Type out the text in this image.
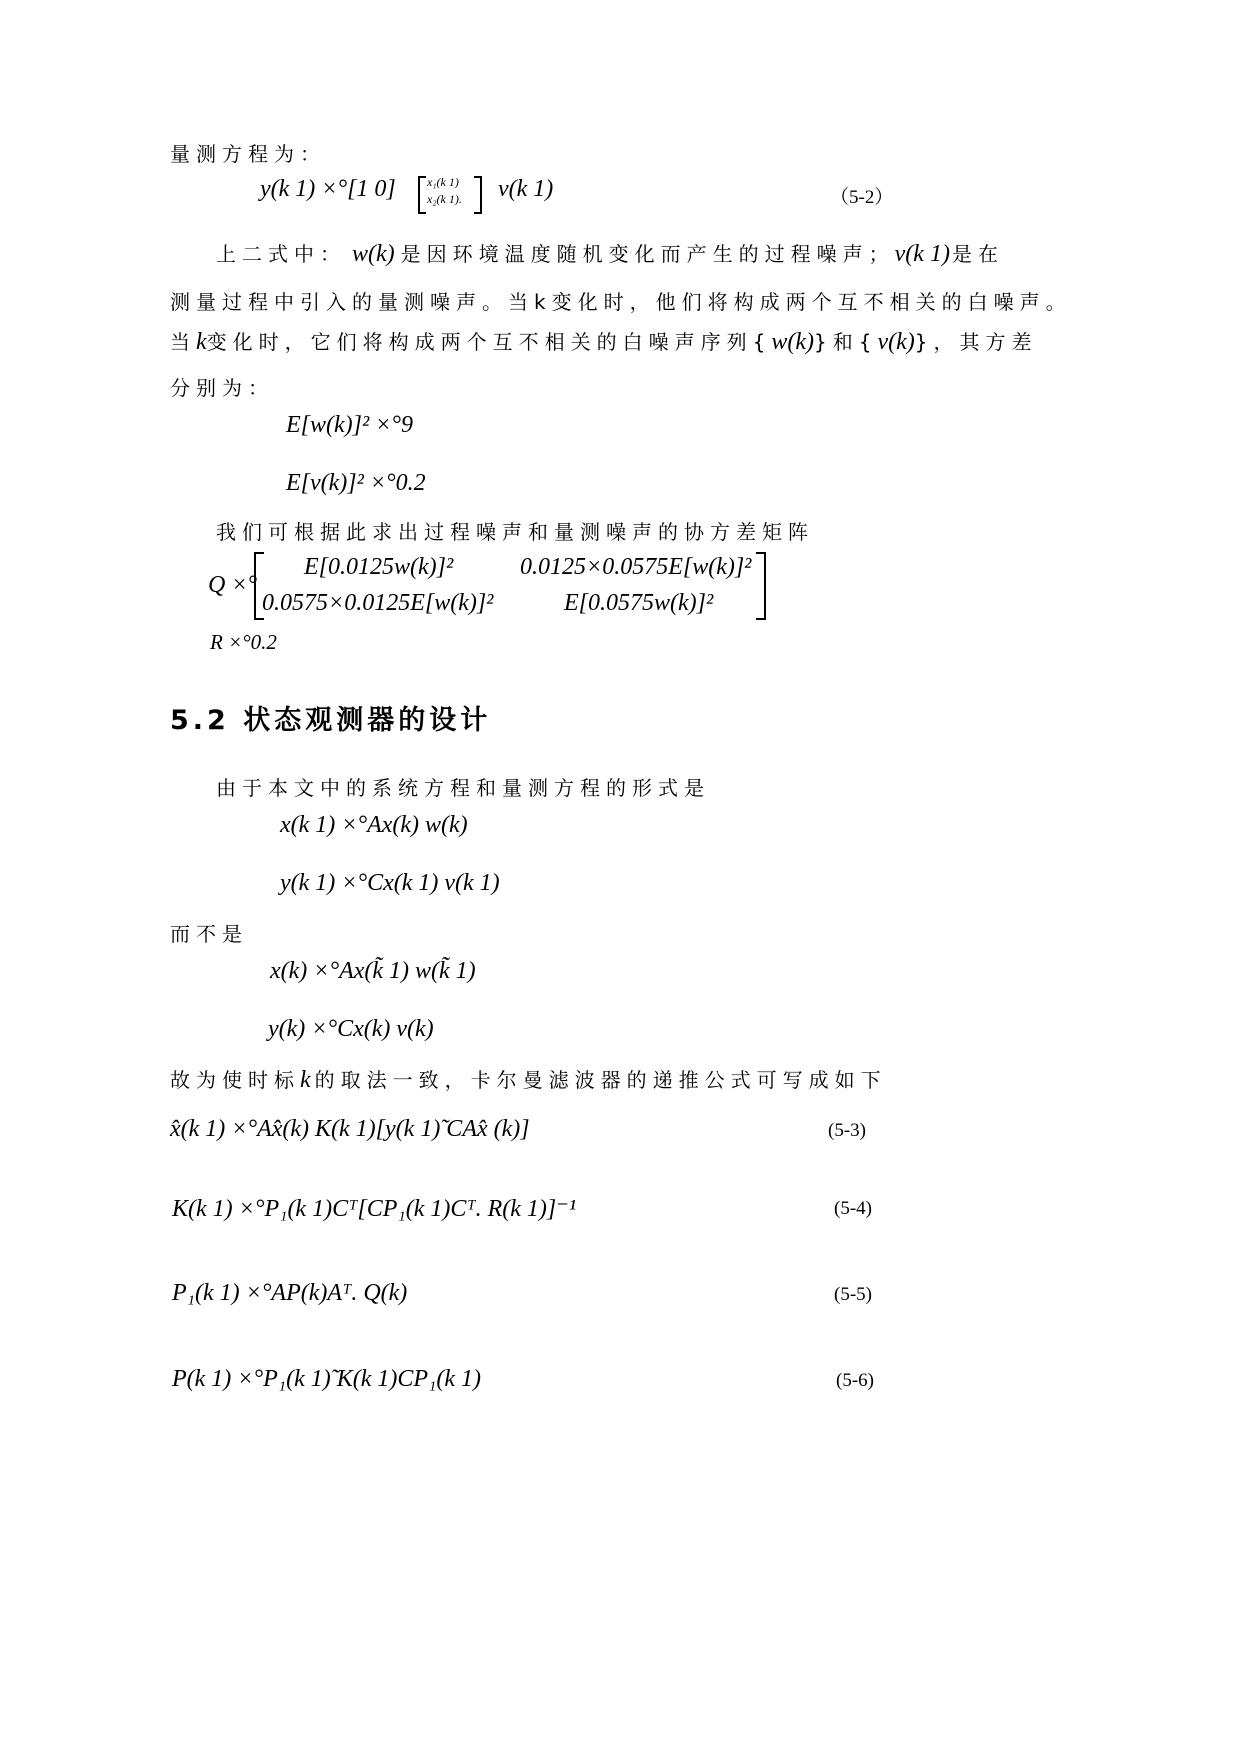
量测方程为：
y(k 1) ×°[1 0]	x₁(k 1)
x₂(k 1). v(k 1)	（5-2）
上二式中： w(k) 是因环境温度随机变化而产生的过程噪声；v(k 1) 是在
测量过程中引入的量测噪声。当k变化时，他们将构成两个互不相关的白噪声。
当k变化时，它们将构成两个互不相关的白噪声序列{w(k)}和{v(k)}，其方差
分别为：
E[w(k)]² ×°9
E[v(k)]² ×°0.2
我们可根据此求出过程噪声和量测噪声的协方差矩阵
Q ×°
E[0.0125w(k)]²	0.0125×0.0575E[w(k)]²
0.0575×0.0125E[w(k)]²	E[0.0575w(k)]²
R ×°0.2
5.2 状态观测器的设计
由于本文中的系统方程和量测方程的形式是
x(k 1) ×°Ax(k) w(k)
y(k 1) ×°Cx(k 1) v(k 1)
而不是
x(k) ×°Ax(k̃ 1) w(k̃ 1)
y(k) ×°Cx(k) v(k)
故为使时标k 的取法一致，卡尔曼滤波器的递推公式可写成如下
x̂(k 1) ×°Ax̂(k) K(k 1)[y(k 1)̃ CAx̂ (k)]	(5-3)
K(k 1) ×°P₁(k 1)Cᵀ[CP₁(k 1)Cᵀ. R(k 1)]⁻¹	(5-4)
P₁(k 1) ×°AP(k)Aᵀ. Q(k)	(5-5)
P(k 1) ×°P₁(k 1)̃ K(k 1)CP₁(k 1)	(5-6)
